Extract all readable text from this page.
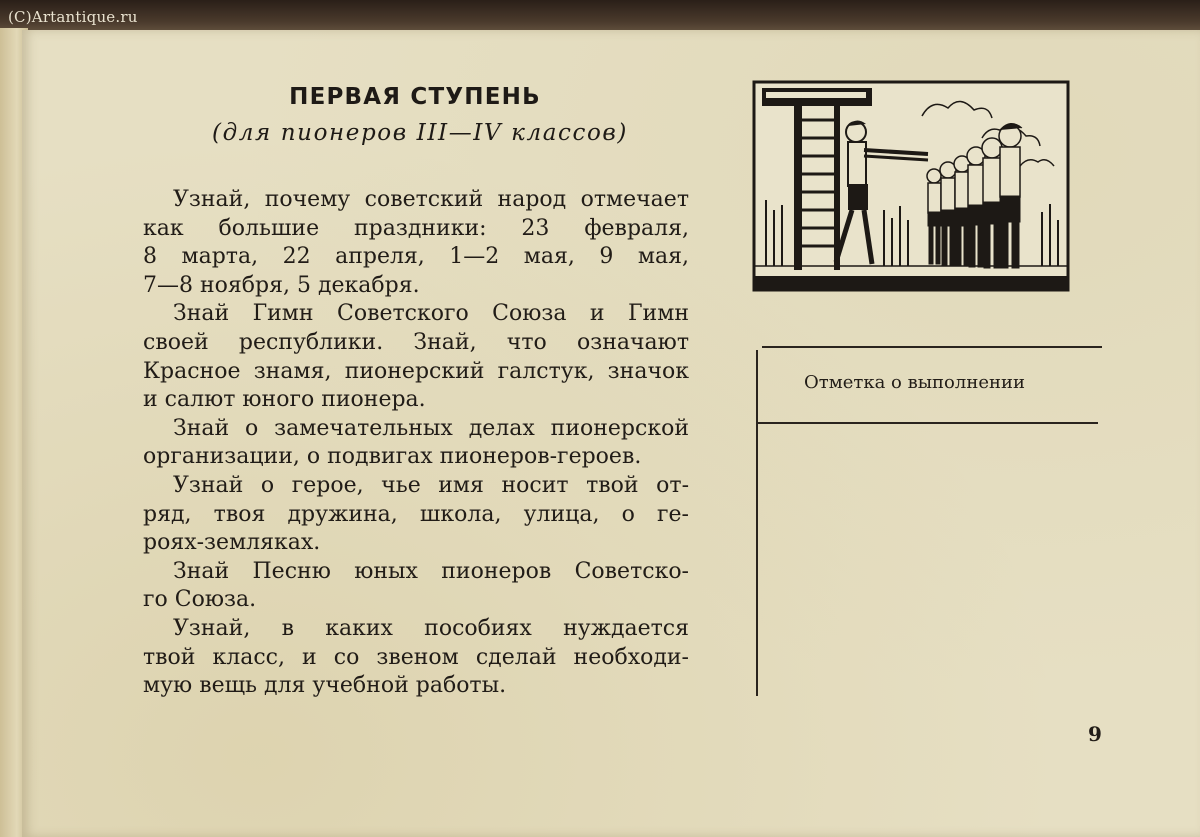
(C)Artantique.ru
ПЕРВАЯ СТУПЕНЬ
(для пионеров III—IV классов)

Узнай, почему советский народ отмечает

как большие праздники: 23 февраля,

8 марта, 22 апреля, 1—2 мая, 9 мая,

7—8 ноября, 5 декабря.

Знай Гимн Советского Союза и Гимн

своей республики. Знай, что означают

Красное знамя, пионерский галстук, значок

и салют юного пионера.

Знай о замечательных делах пионерской

организации, о подвигах пионеров-героев.

Узнай о герое, чье имя носит твой от-

ряд, твоя дружина, школа, улица, о ге-

роях-земляках.

Знай Песню юных пионеров Советско-

го Союза.

Узнай, в каких пособиях нуждается

твой класс, и со звеном сделай необходи-

мую вещь для учебной работы.

Отметка о выполнении
9
